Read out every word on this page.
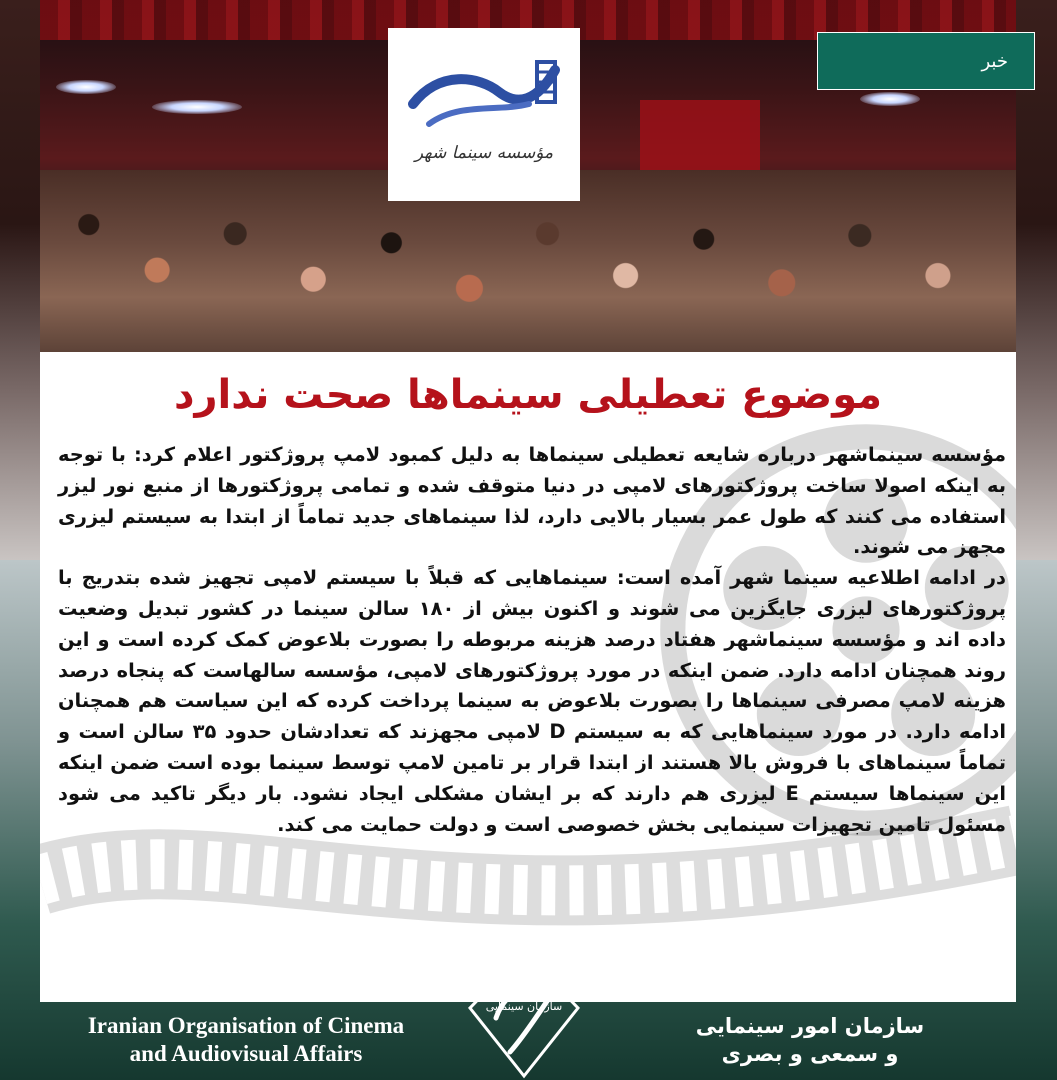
موضوع تعطیلی سینماها صحت ندارد

مؤسسه سینماشهر درباره شایعه تعطیلی سینماها به دلیل کمبود لامپ پروژکتور اعلام کرد: با توجه به اینکه اصولا ساخت پروژکتورهای لامپی در دنیا متوقف شده و تمامی پروژکتورها از منبع نور لیزر استفاده می کنند که طول عمر بسیار بالایی دارد، لذا سینماهای جدید تماماً از ابتدا به سیستم لیزری مجهز می شوند.

در ادامه اطلاعیه سینما شهر آمده است: سینماهایی که قبلاً با سیستم لامپی تجهیز شده بتدریج با پروژکتورهای لیزری جایگزین می شوند و اکنون بیش از ۱۸۰ سالن سینما در کشور تبدیل وضعیت داده اند و مؤسسه سینماشهر هفتاد درصد هزینه مربوطه را بصورت بلاعوض کمک کرده است و این روند همچنان ادامه دارد. ضمن اینکه در مورد پروژکتورهای لامپی، مؤسسه سالهاست که پنجاه درصد هزینه لامپ مصرفی سینماها را بصورت بلاعوض به سینما پرداخت کرده که این سیاست هم همچنان ادامه دارد. در مورد سینماهایی که به سیستم D لامپی مجهزند که تعدادشان حدود ۳۵ سالن است و تماماً سینماهای با فروش بالا هستند از ابتدا قرار بر تامین لامپ توسط سینما بوده است ضمن اینکه این سینماها سیستم E لیزری هم دارند که بر ایشان مشکلی ایجاد نشود. بار دیگر تاکید می شود مسئول تامین تجهیزات سینمایی بخش خصوصی است و دولت حمایت می کند.

مؤسسه سینما شهر
خبر
سازمان سینمایی
Iranian Organisation of Cinema
and Audiovisual Affairs
سازمان امور سینمایی
و سمعی و بصری
